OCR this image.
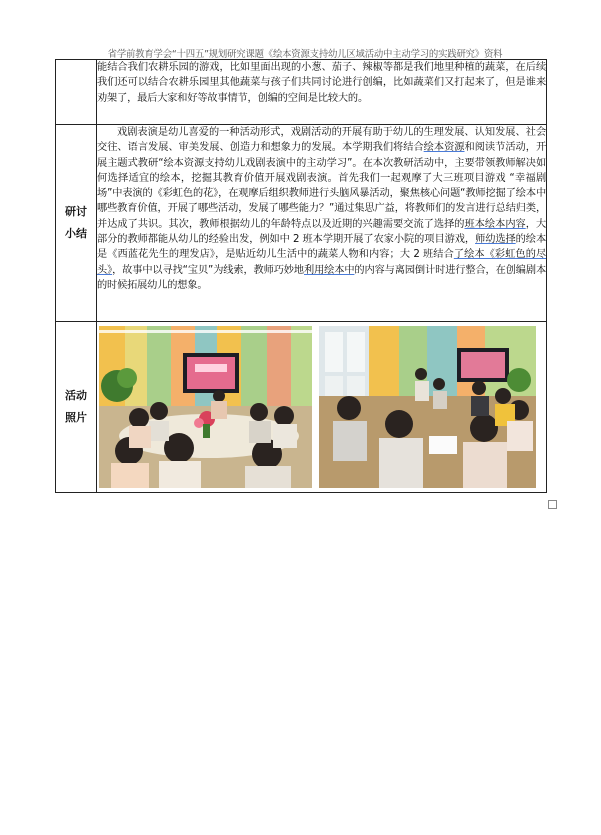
省学前教育学会“十四五”规划研究课题《绘本资源支持幼儿区域活动中主动学习的实践研究》资料
	能结合我们农耕乐园的游戏，比如里面出现的小葱、茄子、辣椒等都是我们地里种植的蔬菜，在后续我们还可以结合农耕乐园里其他蔬菜与孩子们共同讨论进行创编，比如蔬菜们又打起来了，但是谁来劝架了，最后大家和好等故事情节，创编的空间是比较大的。

研讨
小结	戏剧表演是幼儿喜爱的一种活动形式，戏剧活动的开展有助于幼儿的生理发展、认知发展、社会交往、语言发展、审美发展、创造力和想象力的发展。本学期我们将结合绘本资源和阅读节活动，开展主题式教研“绘本资源支持幼儿戏剧表演中的主动学习”。在本次教研活动中，主要带领教师解决如何选择适宜的绘本，挖掘其教育价值开展戏剧表演。首先我们一起观摩了大三班项目游戏 “幸福剧场”中表演的《彩虹色的花》，在观摩后组织教师进行头脑风暴活动，聚焦核心问题“教师挖掘了绘本中哪些教育价值，开展了哪些活动，发展了哪些能力？”通过集思广益，将教师们的发言进行总结归类，并达成了共识。其次，教师根据幼儿的年龄特点以及近期的兴趣需要交流了选择的班本绘本内容，大部分的教师都能从幼儿的经验出发，例如中 2 班本学期开展了农家小院的项目游戏，师幼选择的绘本是《西蓝花先生的理发店》，是贴近幼儿生活中的蔬菜人物和内容；大 2 班结合了绘本《彩虹色的尽头》，故事中以寻找“宝贝”为线索，教师巧妙地利用绘本中的内容与离园倒计时进行整合，在创编剧本的时候拓展幼儿的想象。

活动
照片
